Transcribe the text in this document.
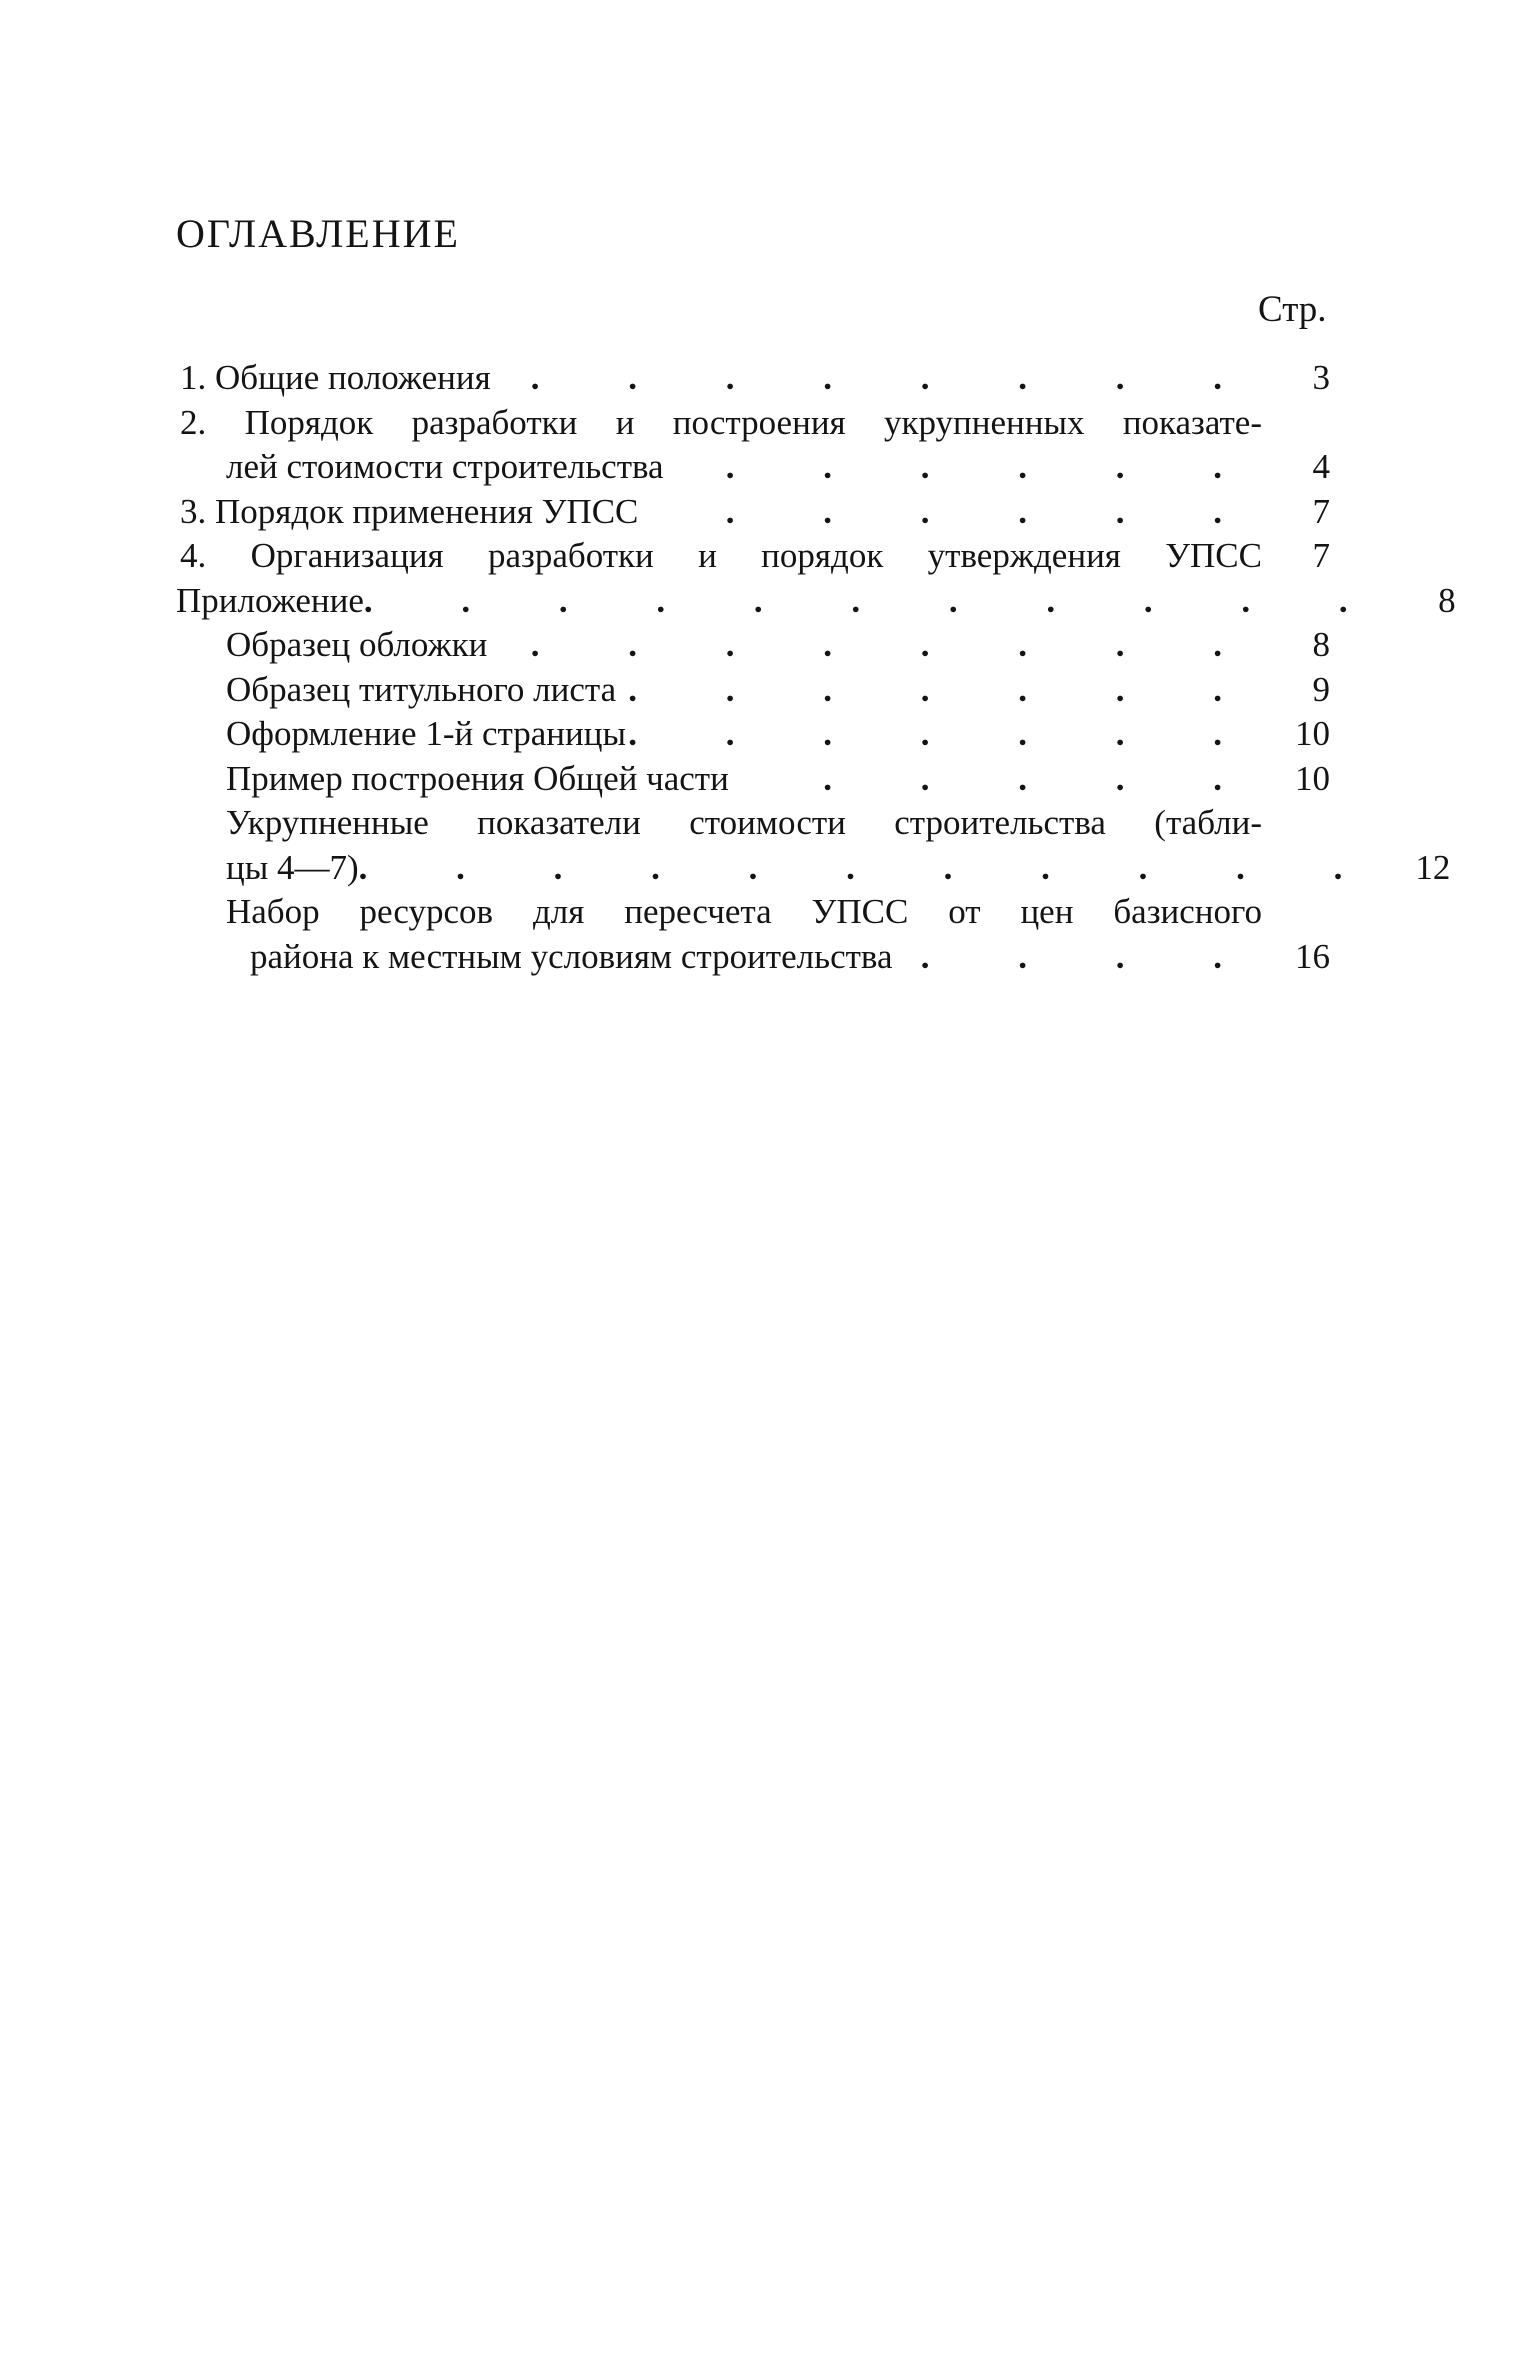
ОГЛАВЛЕНИЕ
Стр.
1. Общие положения	. . . . . . . .	3
2. Порядок разработки и построения укрупненных показате-
лей стоимости строительства	. . . . . .	4
3. Порядок применения УПСС	. . . . . .	7
4. Организация разработки и порядок утверждения УПСС	7
Приложение . . . . . . . . . . .	8
Образец обложки	. . . . . . . .	8
Образец титульного листа . . . . . . .	9
Оформление 1-й страницы . . . . . . . 10
Пример построения Общей части	. . . . . 10
Укрупненные показатели стоимости строительства (табли-
цы 4—7) . . . . . . . . . . . 12
Набор ресурсов для пересчета УПСС от цен базисного
района к местным условиям строительства . . . . 16
